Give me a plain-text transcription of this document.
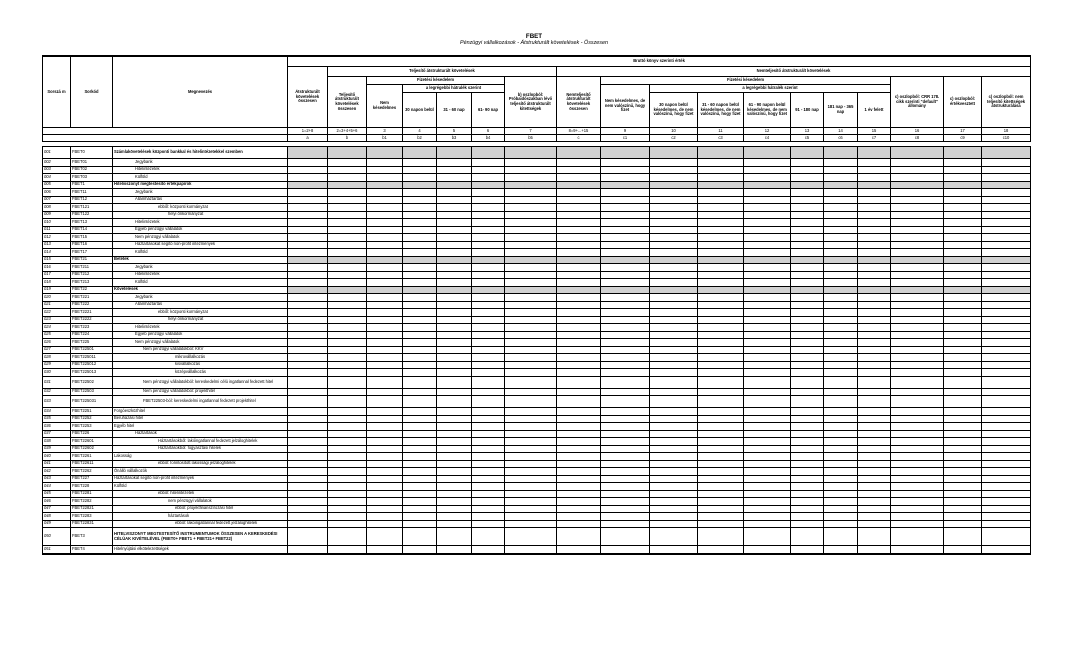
FBET
Pénzügyi vállalkozások - Átstrukturált követelések - Összesen
Sorszá m	Sorkód	Megnevezés	Bruttó könyv szerinti érték																	
			Átstrukturált követelések összesen	Teljesítő átstrukturált követelések						Nemteljesítő átstrukturált követelések										
				Teljesítő átstrukturált követelések összesen	Fizetési késedelem				b) oszlopból: Próbaidőszakban lévő teljesítő átstrukturált kitettségek	Nemteljesítő átstrukturált követelések összesen	Fizetési késedelem							c) oszlopból: CRR 178. cikk szerinti "default" állomány	c) oszlopból: értékvesztett	c) oszlopból: nem teljesítő kitettségek átstrukturálása
					Nem késedelmes	a legrégebbi hátralék szerint					Nem késedelmes, de nem valószínű, hogy fizet	a legrégebbi hátralék szerint								
						30 napon belül	31 - 60 nap	61- 90 nap				30 napon belül késedelmes, de nem valószínű, hogy fizet	31 - 60 napon belül késedelmes, de nem valószínű, hogy fizet	61 - 90 napon belül késedelmes, de nem valószínű, hogy fizet	91 - 180 nap	181 nap - 365 nap	1 év felett			
			1=2+8	2=3+4+5+6	3	4	5	6	7	8=9+...+15	9	10	11	12	13	14	15	16	17	18
			a	b	b1	b2	b3	b4	b5	c	c1	c2	c3	c4	c5	c6	c7	c8	c9	c10

001	FBET0	Számlakövetelések központi bankkal és hitelintézetekkel szemben																		
002	FBET01	Jegybank																		
003	FBET02	Hitelintézetek																		
004	FBET03	Külföld																		
005	FBET1	Hitelviszonyt megtestesítő értékpapírok																		
006	FBET11	Jegybank																		
007	FBET12	Államháztartás																		
008	FBET121	ebből: központi kormányzat																		
009	FBET122	helyi önkormányzat																		
010	FBET13	Hitelintézetek																		
011	FBET14	Egyéb pénzügyi vállalatok																		
012	FBET15	Nem pénzügyi vállalatok																		
013	FBET16	Háztartásokat segítő non-profit intézmények																		
014	FBET17	Külföld																		
015	FBET21	Betétek																		
016	FBET211	Jegybank																		
017	FBET212	Hitelintézetek																		
018	FBET213	Külföld																		
019	FBET22	Követelések																		
020	FBET221	Jegybank																		
021	FBET222	Államháztartás																		
022	FBET2221	ebből: központi kormányzat																		
023	FBET2222	helyi önkormányzat																		
024	FBET223	Hitelintézetek																		
025	FBET224	Egyéb pénzügyi vállalatok																		
026	FBET225	Nem pénzügyi vállalatok																		
027	FBET22501	Nem pénzügyi vállalatokból: KKV																		
028	FBET225011	mikrovállalkozás																		
029	FBET225012	kisvállalkozás																		
030	FBET225013	középvállalkozás																		
031	FBET22502	Nem pénzügyi vállalatokból: kereskedelmi célú ingatlannal fedezett hitel																		
032	FBET22503	Nem pénzügyi vállalatokból: projekthitel																		
033	FBET225031	FBET22503-ból: kereskedelmi ingatlannal fedezett projekthitel																		
034	FBET2251	Forgóeszközhitel																		
035	FBET2252	Beruházási hitel																		
036	FBET2253	Egyéb hitel																		
037	FBET226	Háztartások																		
038	FBET22601	Háztartásokból: lakóingatlannal fedezett jelzáloghitelek																		
039	FBET22602	Háztartásokból: fogyasztási hitelek																		
040	FBET2261	Lakosság																		
041	FBET22611	ebből: forintosított lakossági jelzáloghitelek																		
042	FBET2262	Önálló vállalkozók																		
043	FBET227	Háztartásokat segítő non-profit intézmények																		
044	FBET228	Külföld																		
045	FBET2281	ebből: hitelintézetek																		
046	FBET2282	nem pénzügyi vállalatok																		
047	FBET22821	ebből: projektfinanszírozási hitel																		
048	FBET2283	háztartások																		
049	FBET22831	ebből: lakóingatlannal fedezett jelzáloghitelek																		
050	FBET3	HITELVISZONYT MEGTESTESÍTŐ INSTRUMENTUMOK ÖSSZESEN A KERESKEDÉSI CÉLÚAK KIVÉTELÉVEL (FBET0+ FBET1 + FBET21+ FBET22)																		
051	FBET4	Hitelnyújtási elkötelezettségek																		
